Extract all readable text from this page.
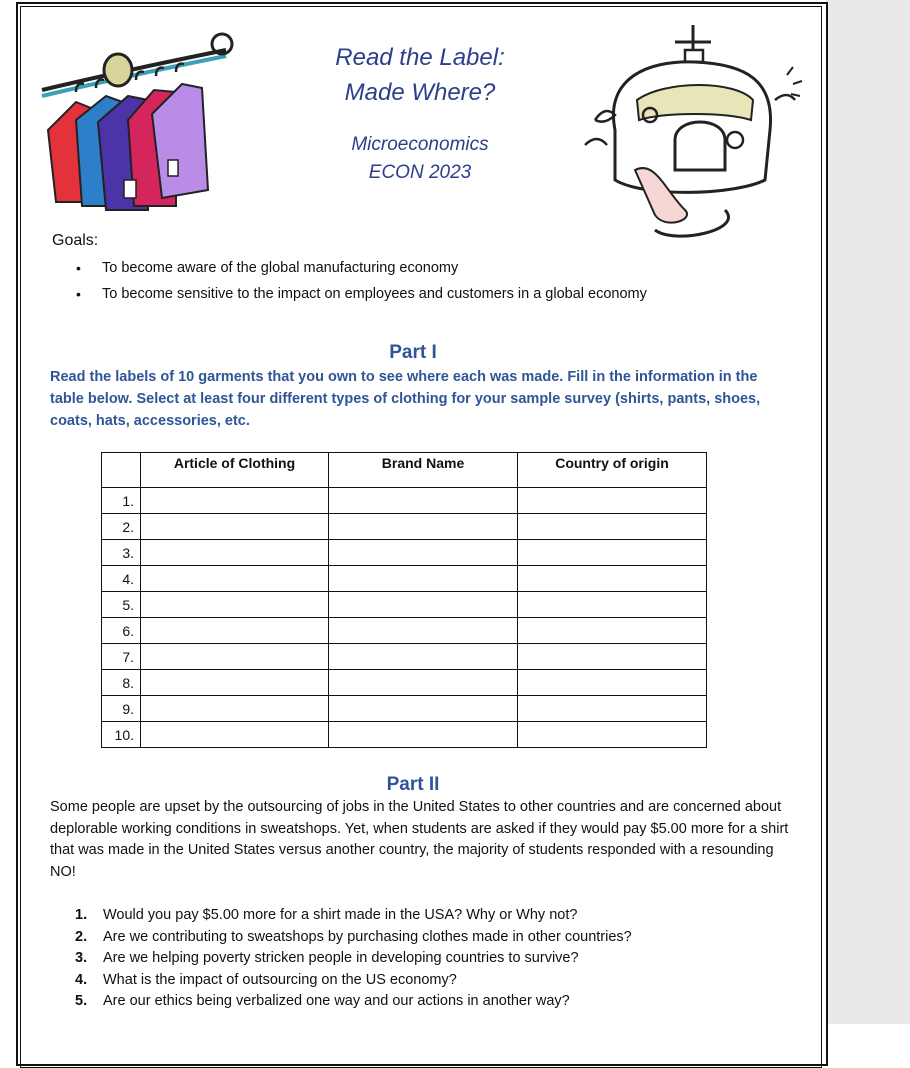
Read the Label:
Made Where?
Microeconomics
ECON 2023
Goals:
• To become aware of the global manufacturing economy
• To become sensitive to the impact on employees and customers in a global economy
Part I
Read the labels of 10 garments that you own to see where each was made. Fill in the information in the table below. Select at least four different types of clothing for your sample survey (shirts, pants, shoes, coats, hats, accessories, etc.
	Article of Clothing	Brand Name	Country of origin
1.			
2.			
3.			
4.			
5.			
6.			
7.			
8.			
9.			
10.			
Part II
Some people are upset by the outsourcing of jobs in the United States to other countries and are concerned about deplorable working conditions in sweatshops. Yet, when students are asked if they would pay $5.00 more for a shirt that was made in the United States versus another country, the majority of students responded with a resounding NO!
1.	Would you pay $5.00 more for a shirt made in the USA? Why or Why not?
2.	Are we contributing to sweatshops by purchasing clothes made in other countries?
3.	Are we helping poverty stricken people in developing countries to survive?
4.	What is the impact of outsourcing on the US economy?
5.	Are our ethics being verbalized one way and our actions in another way?
